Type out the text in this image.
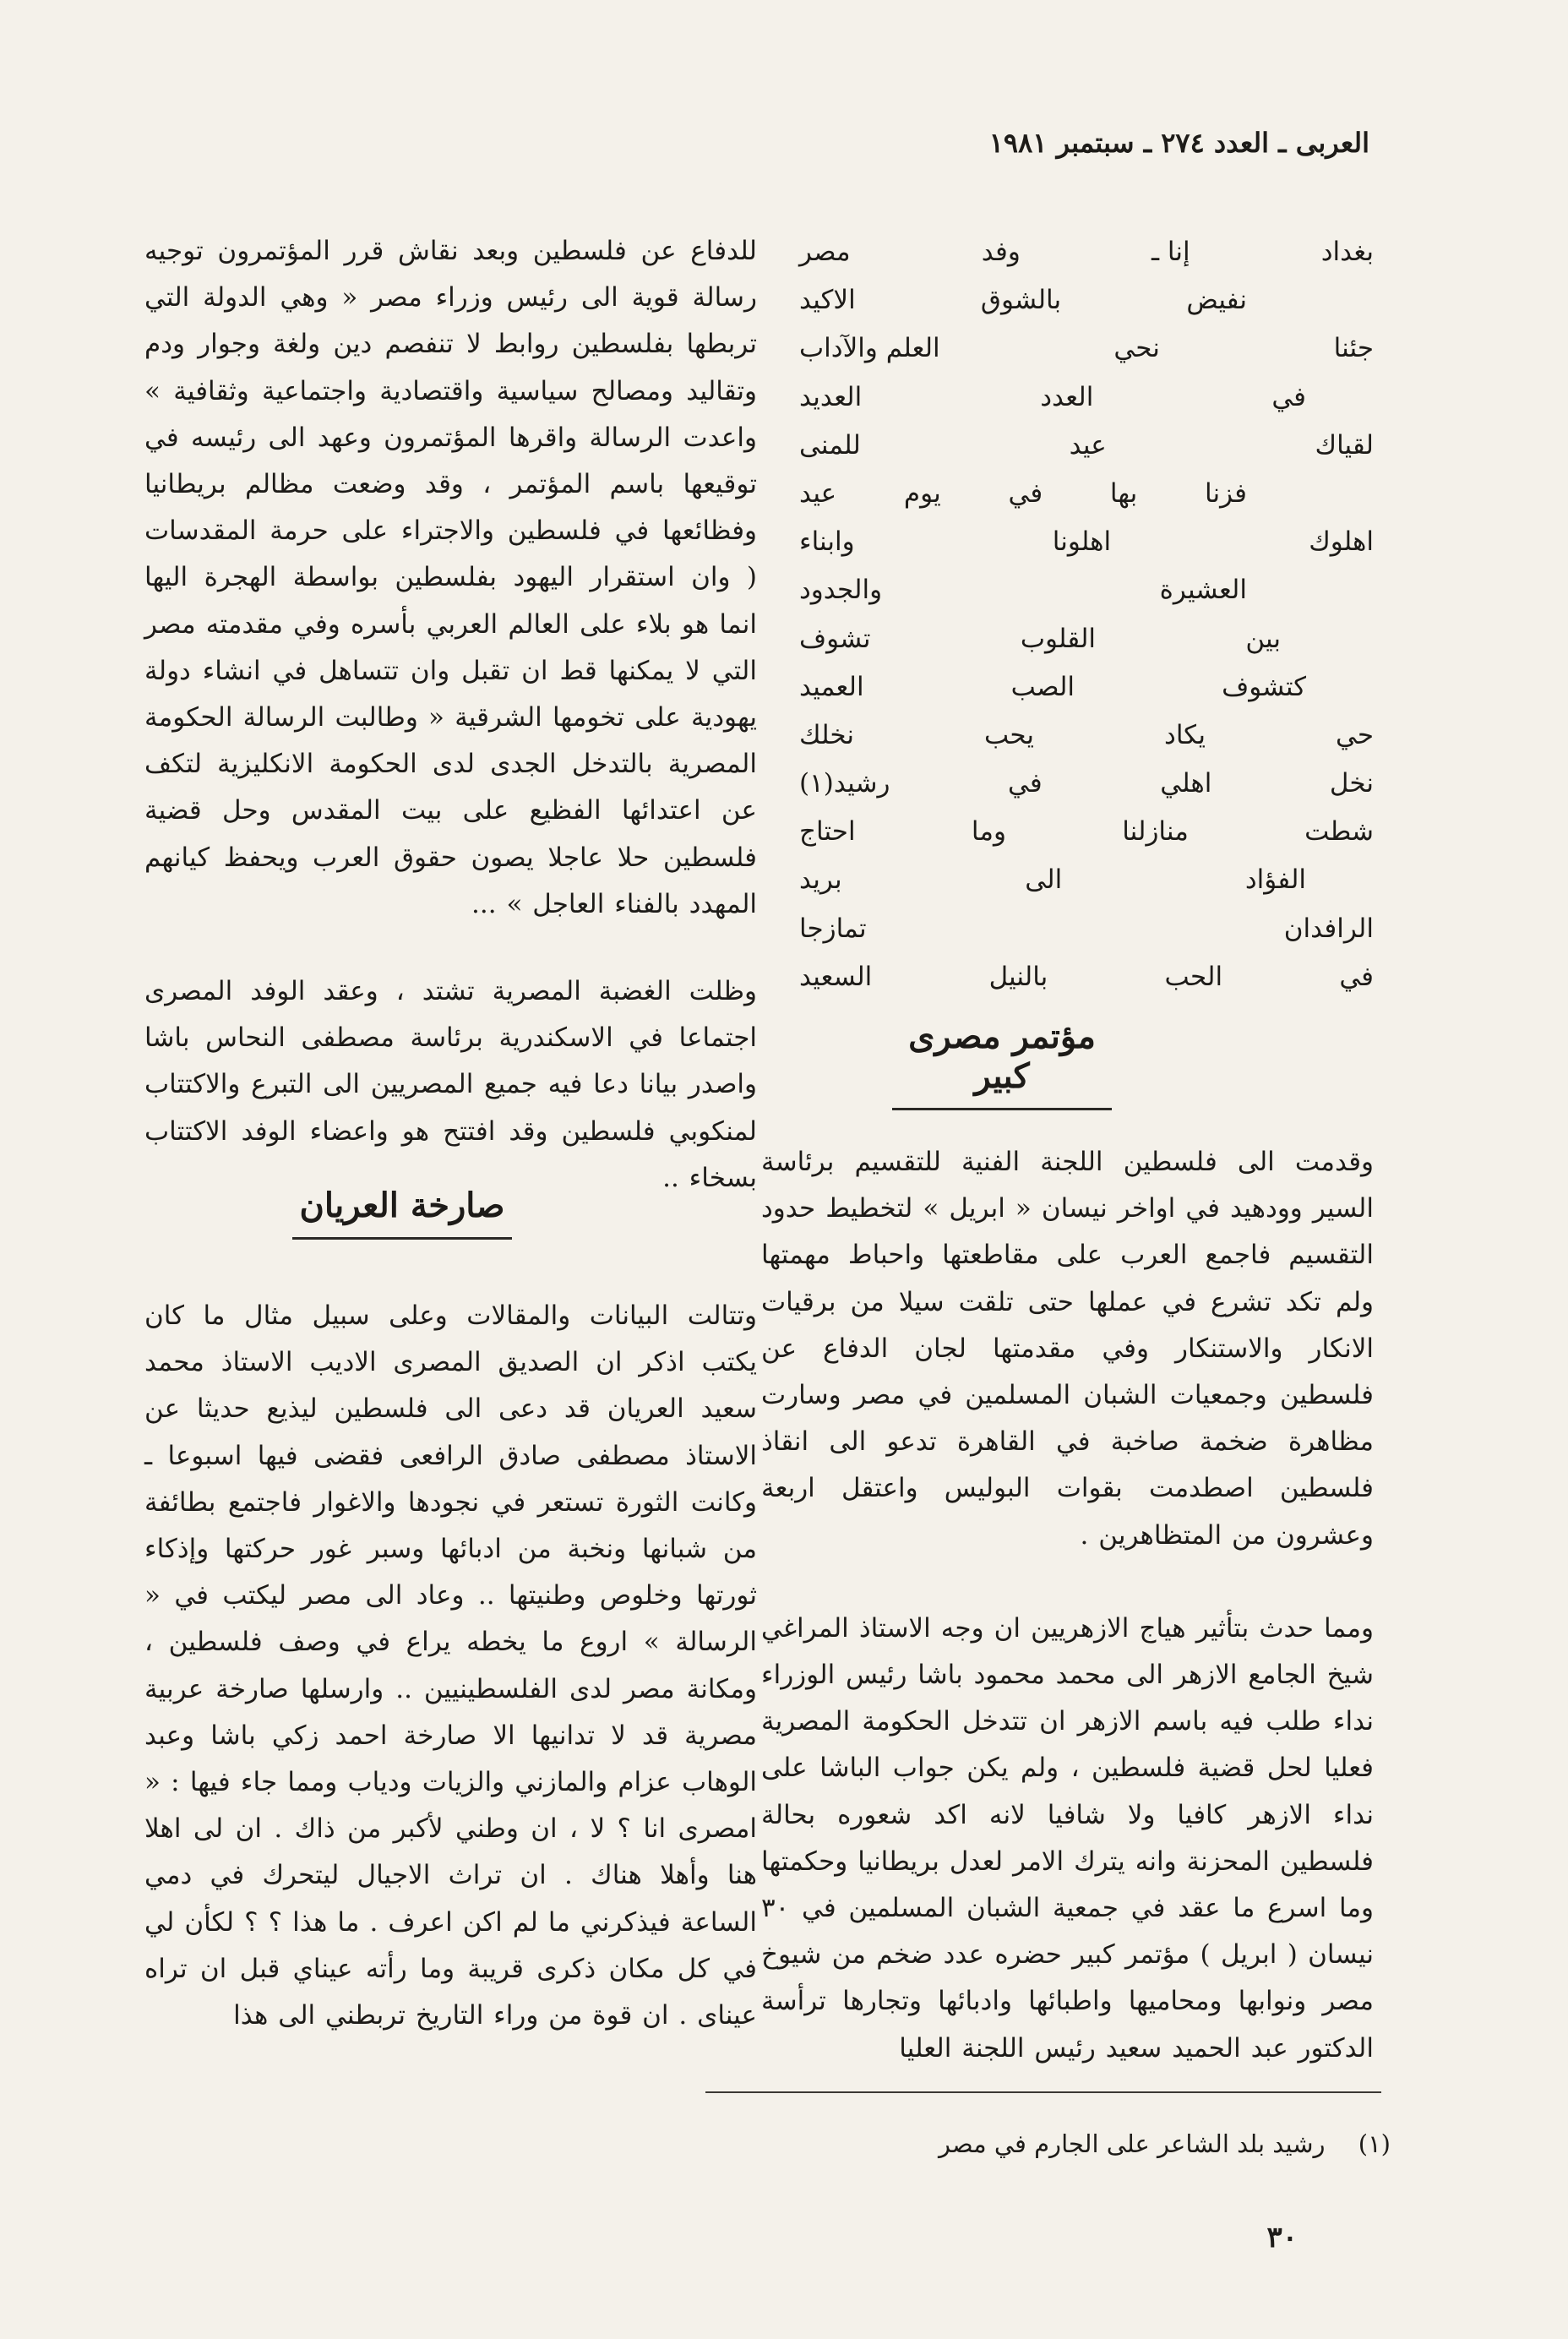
العربى ـ العدد ٢٧٤ ـ سبتمبر ١٩٨١
بغداد
إنا ـ
وفد
مصر
نفيض
بالشوق
الاكيد
جئنا
نحي
العلم والآداب
في
العدد
العديد
لقياك
عيد
للمنى
فزنا
بها
في
يوم
عيد
اهلوك
اهلونا
وابناء
العشيرة
والجدود
بين
القلوب
تشوف
كتشوف
الصب
العميد
حي
يكاد
يحب
نخلك
نخل
اهلي
في
رشيد(١)
شطت
منازلنا
وما
احتاج
الفؤاد
الى
بريد
الرافدان
تمازجا
في
الحب
بالنيل
السعيد
مؤتمر مصرى كبير

وقدمت الى فلسطين اللجنة الفنية للتقسيم برئاسة السير وودهيد في اواخر نيسان « ابريل » لتخطيط حدود التقسيم فاجمع العرب على مقاطعتها واحباط مهمتها ولم تكد تشرع في عملها حتى تلقت سيلا من برقيات الانكار والاستنكار وفي مقدمتها لجان الدفاع عن فلسطين وجمعيات الشبان المسلمين في مصر وسارت مظاهرة ضخمة صاخبة في القاهرة تدعو الى انقاذ فلسطين اصطدمت بقوات البوليس واعتقل اربعة وعشرون من المتظاهرين .

ومما حدث بتأثير هياج الازهريين ان وجه الاستاذ المراغي شيخ الجامع الازهر الى محمد محمود باشا رئيس الوزراء نداء طلب فيه باسم الازهر ان تتدخل الحكومة المصرية فعليا لحل قضية فلسطين ، ولم يكن جواب الباشا على نداء الازهر كافيا ولا شافيا لانه اكد شعوره بحالة فلسطين المحزنة وانه يترك الامر لعدل بريطانيا وحكمتها وما اسرع ما عقد في جمعية الشبان المسلمين في ٣٠ نيسان ( ابريل ) مؤتمر كبير حضره عدد ضخم من شيوخ مصر ونوابها ومحاميها واطبائها وادبائها وتجارها ترأسة الدكتور عبد الحميد سعيد رئيس اللجنة العليا

للدفاع عن فلسطين وبعد نقاش قرر المؤتمرون توجيه رسالة قوية الى رئيس وزراء مصر « وهي الدولة التي تربطها بفلسطين روابط لا تنفصم دين ولغة وجوار ودم وتقاليد ومصالح سياسية واقتصادية واجتماعية وثقافية » واعدت الرسالة واقرها المؤتمرون وعهد الى رئيسه في توقيعها باسم المؤتمر ، وقد وضعت مظالم بريطانيا وفظائعها في فلسطين والاجتراء على حرمة المقدسات ( وان استقرار اليهود بفلسطين بواسطة الهجرة اليها انما هو بلاء على العالم العربي بأسره وفي مقدمته مصر التي لا يمكنها قط ان تقبل وان تتساهل في انشاء دولة يهودية على تخومها الشرقية « وطالبت الرسالة الحكومة المصرية بالتدخل الجدى لدى الحكومة الانكليزية لتكف عن اعتدائها الفظيع على بيت المقدس وحل قضية فلسطين حلا عاجلا يصون حقوق العرب ويحفظ كيانهم المهدد بالفناء العاجل » ...

وظلت الغضبة المصرية تشتد ، وعقد الوفد المصرى اجتماعا في الاسكندرية برئاسة مصطفى النحاس باشا واصدر بيانا دعا فيه جميع المصريين الى التبرع والاكتتاب لمنكوبي فلسطين وقد افتتح هو واعضاء الوفد الاكتتاب بسخاء ..

صارخة العريان

وتتالت البيانات والمقالات وعلى سبيل مثال ما كان يكتب اذكر ان الصديق المصرى الاديب الاستاذ محمد سعيد العريان قد دعى الى فلسطين ليذيع حديثا عن الاستاذ مصطفى صادق الرافعى فقضى فيها اسبوعا ـ وكانت الثورة تستعر في نجودها والاغوار فاجتمع بطائفة من شبانها ونخبة من ادبائها وسبر غور حركتها وإذكاء ثورتها وخلوص وطنيتها .. وعاد الى مصر ليكتب في « الرسالة » اروع ما يخطه يراع في وصف فلسطين ، ومكانة مصر لدى الفلسطينيين .. وارسلها صارخة عربية مصرية قد لا تدانيها الا صارخة احمد زكي باشا وعبد الوهاب عزام والمازني والزيات ودياب ومما جاء فيها : « امصرى انا ؟ لا ، ان وطني لأكبر من ذاك . ان لى اهلا هنا وأهلا هناك . ان تراث الاجيال ليتحرك في دمي الساعة فيذكرني ما لم اكن اعرف . ما هذا ؟ ؟ لكأن لي في كل مكان ذكرى قريبة وما رأته عيناي قبل ان تراه عيناى . ان قوة من وراء التاريخ تربطني الى هذا

(١) رشيد بلد الشاعر على الجارم في مصر
٣٠
